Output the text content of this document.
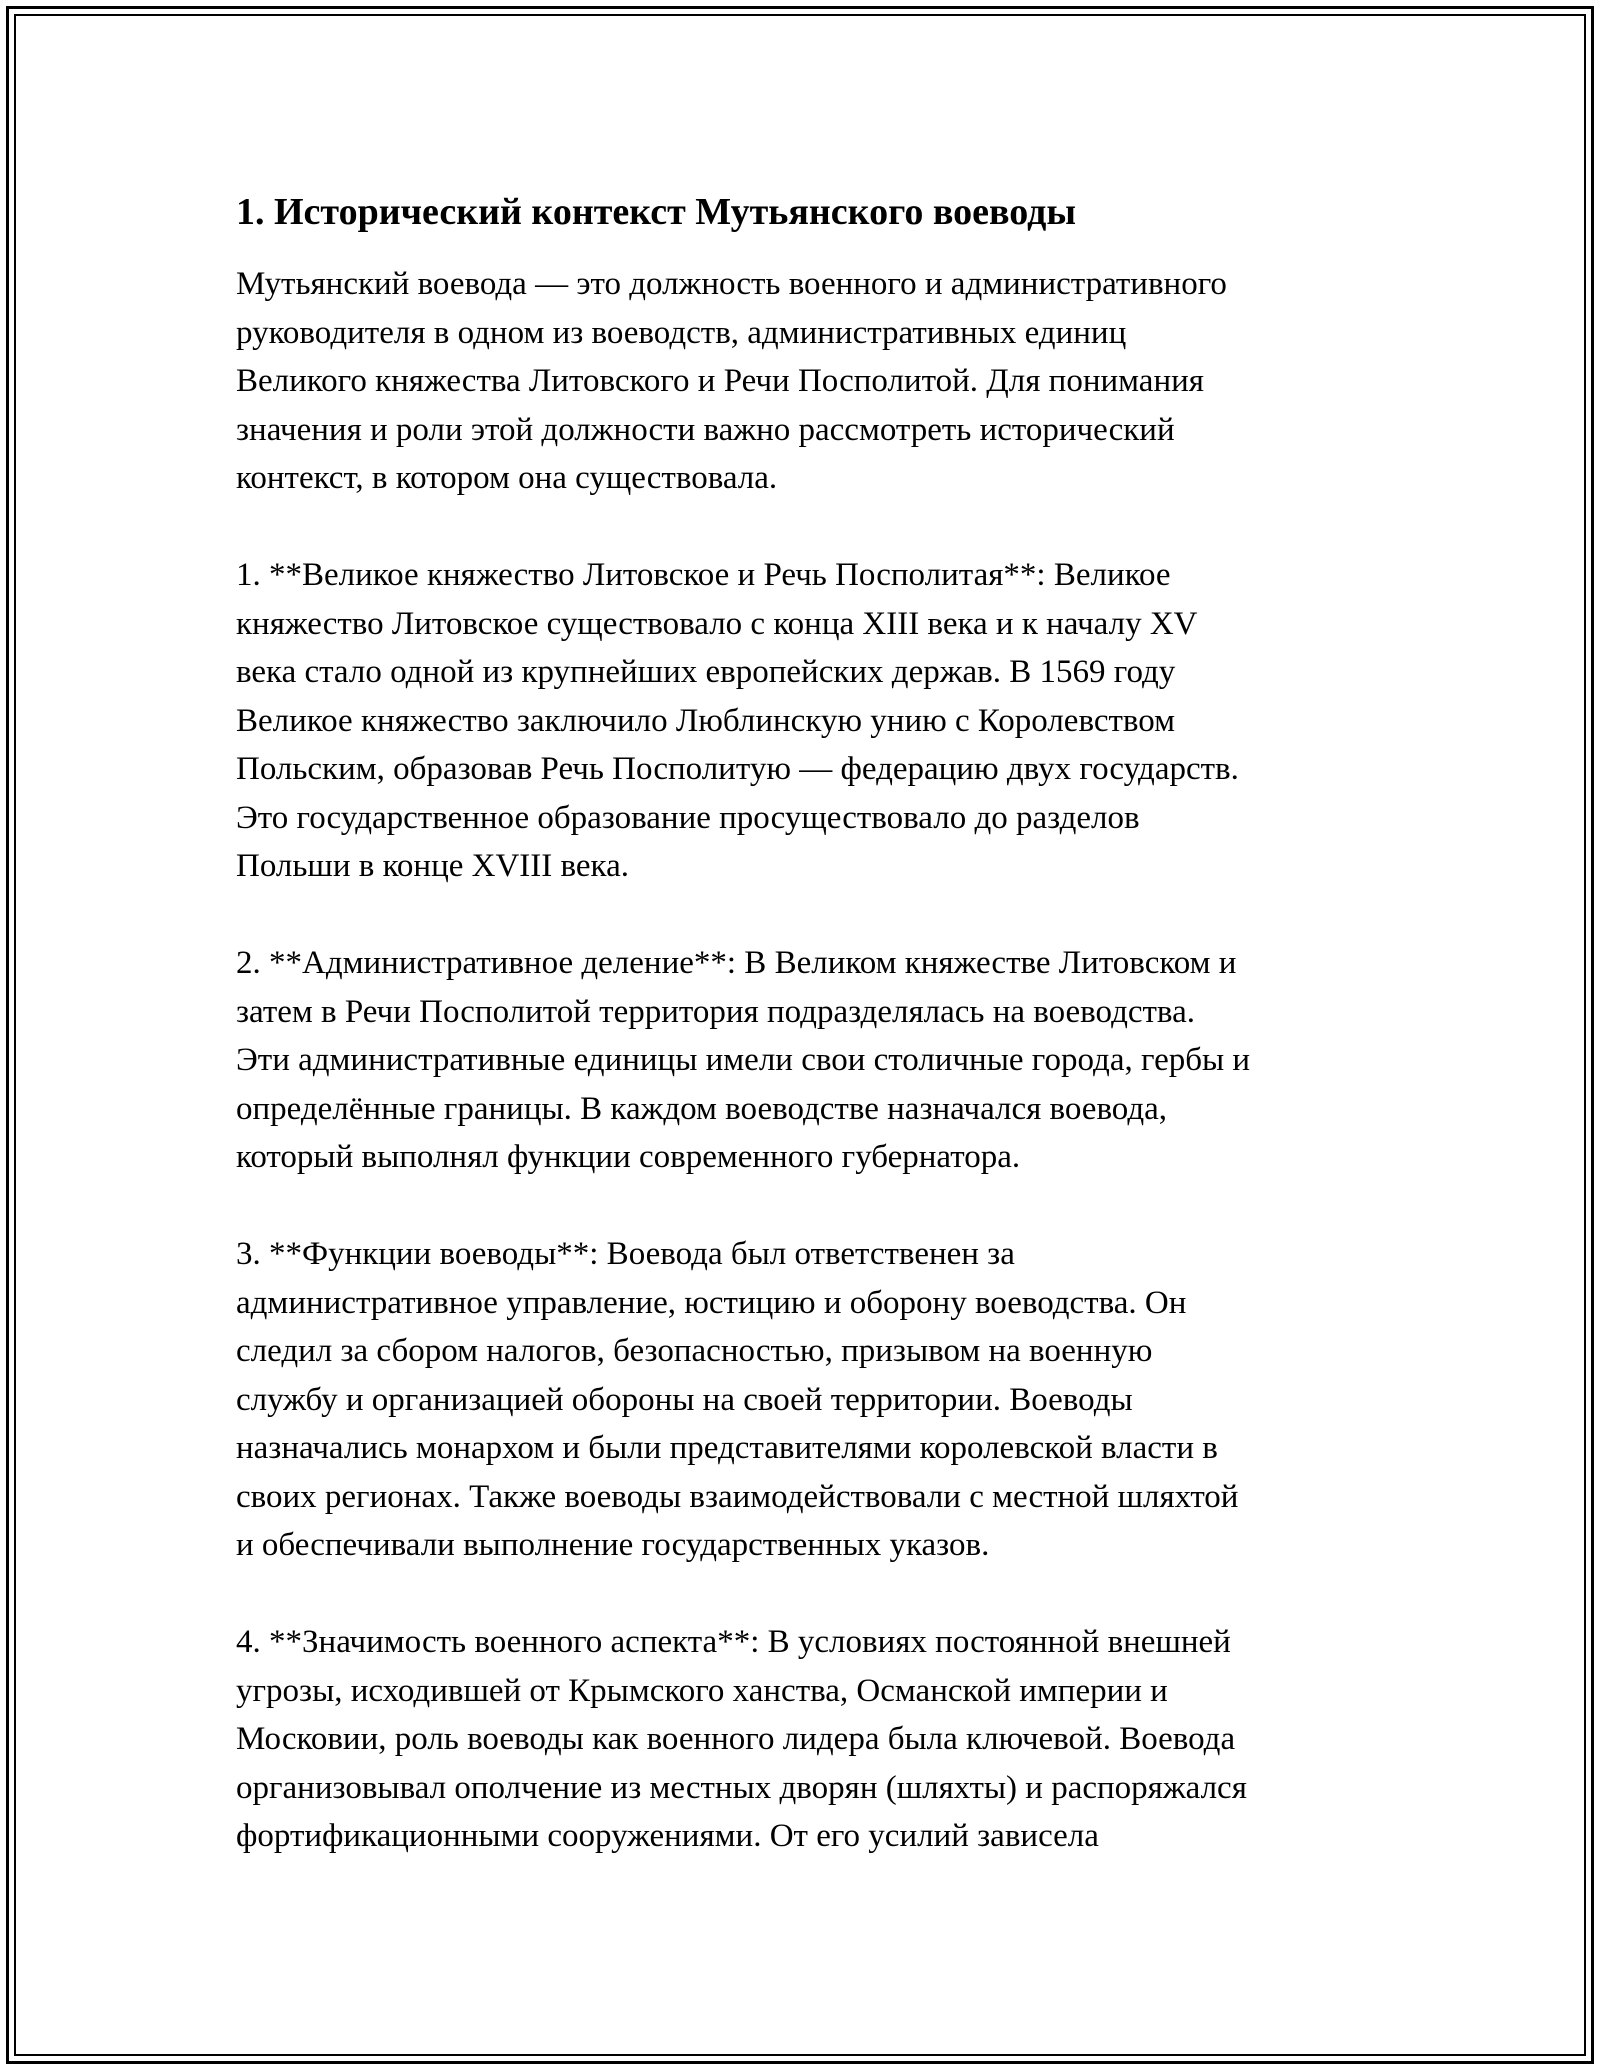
1. Исторический контекст Мутьянского воеводы

Мутьянский воевода — это должность военного и административного
руководителя в одном из воеводств, административных единиц
Великого княжества Литовского и Речи Посполитой. Для понимания
значения и роли этой должности важно рассмотреть исторический
контекст, в котором она существовала.

1. **Великое княжество Литовское и Речь Посполитая**: Великое
княжество Литовское существовало с конца XIII века и к началу XV
века стало одной из крупнейших европейских держав. В 1569 году
Великое княжество заключило Люблинскую унию с Королевством
Польским, образовав Речь Посполитую — федерацию двух государств.
Это государственное образование просуществовало до разделов
Польши в конце XVIII века.

2. **Административное деление**: В Великом княжестве Литовском и
затем в Речи Посполитой территория подразделялась на воеводства.
Эти административные единицы имели свои столичные города, гербы и
определённые границы. В каждом воеводстве назначался воевода,
который выполнял функции современного губернатора.

3. **Функции воеводы**: Воевода был ответственен за
административное управление, юстицию и оборону воеводства. Он
следил за сбором налогов, безопасностью, призывом на военную
службу и организацией обороны на своей территории. Воеводы
назначались монархом и были представителями королевской власти в
своих регионах. Также воеводы взаимодействовали с местной шляхтой
и обеспечивали выполнение государственных указов.

4. **Значимость военного аспекта**: В условиях постоянной внешней
угрозы, исходившей от Крымского ханства, Османской империи и
Московии, роль воеводы как военного лидера была ключевой. Воевода
организовывал ополчение из местных дворян (шляхты) и распоряжался
фортификационными сооружениями. От его усилий зависела
